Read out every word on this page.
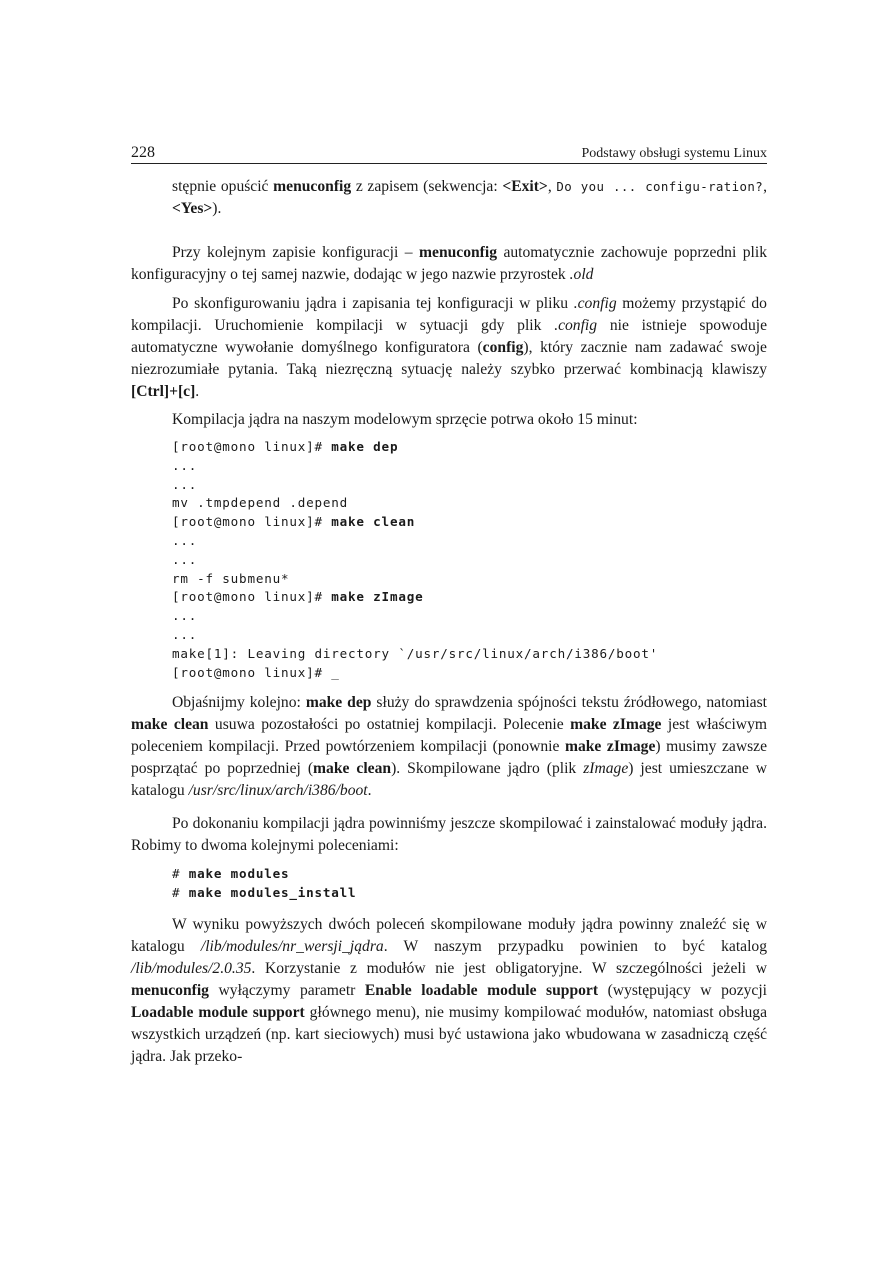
228	Podstawy obsługi systemu Linux

stępnie opuścić menuconfig z zapisem (sekwencja: <Exit>, Do you ... configu-ration?, <Yes>).

Przy kolejnym zapisie konfiguracji – menuconfig automatycznie zachowuje poprzedni plik konfiguracyjny o tej samej nazwie, dodając w jego nazwie przyrostek .old

Po skonfigurowaniu jądra i zapisania tej konfiguracji w pliku .config możemy przystąpić do kompilacji. Uruchomienie kompilacji w sytuacji gdy plik .config nie istnieje spowoduje automatyczne wywołanie domyślnego konfiguratora (config), który zacznie nam zadawać swoje niezrozumiałe pytania. Taką niezręczną sytuację należy szybko przerwać kombinacją klawiszy [Ctrl]+[c].

Kompilacja jądra na naszym modelowym sprzęcie potrwa około 15 minut:

[root@mono linux]# make dep
...
...
mv .tmpdepend .depend
[root@mono linux]# make clean
...
...
rm -f submenu*
[root@mono linux]# make zImage
...
...
make[1]: Leaving directory `/usr/src/linux/arch/i386/boot'
[root@mono linux]# _

Objaśnijmy kolejno: make dep służy do sprawdzenia spójności tekstu źródłowego, natomiast make clean usuwa pozostałości po ostatniej kompilacji. Polecenie make zImage jest właściwym poleceniem kompilacji. Przed powtórzeniem kompilacji (ponownie make zImage) musimy zawsze posprzątać po poprzedniej (make clean). Skompilowane jądro (plik zImage) jest umieszczane w katalogu /usr/src/linux/arch/i386/boot.

Po dokonaniu kompilacji jądra powinniśmy jeszcze skompilować i zainstalować moduły jądra. Robimy to dwoma kolejnymi poleceniami:

# make modules
# make modules_install

W wyniku powyższych dwóch poleceń skompilowane moduły jądra powinny znaleźć się w katalogu /lib/modules/nr_wersji_jądra. W naszym przypadku powinien to być katalog /lib/modules/2.0.35. Korzystanie z modułów nie jest obligatoryjne. W szczególności jeżeli w menuconfig wyłączymy parametr Enable loadable module support (występujący w pozycji Loadable module support głównego menu), nie musimy kompilować modułów, natomiast obsługa wszystkich urządzeń (np. kart sieciowych) musi być ustawiona jako wbudowana w zasadniczą część jądra. Jak przeko-
